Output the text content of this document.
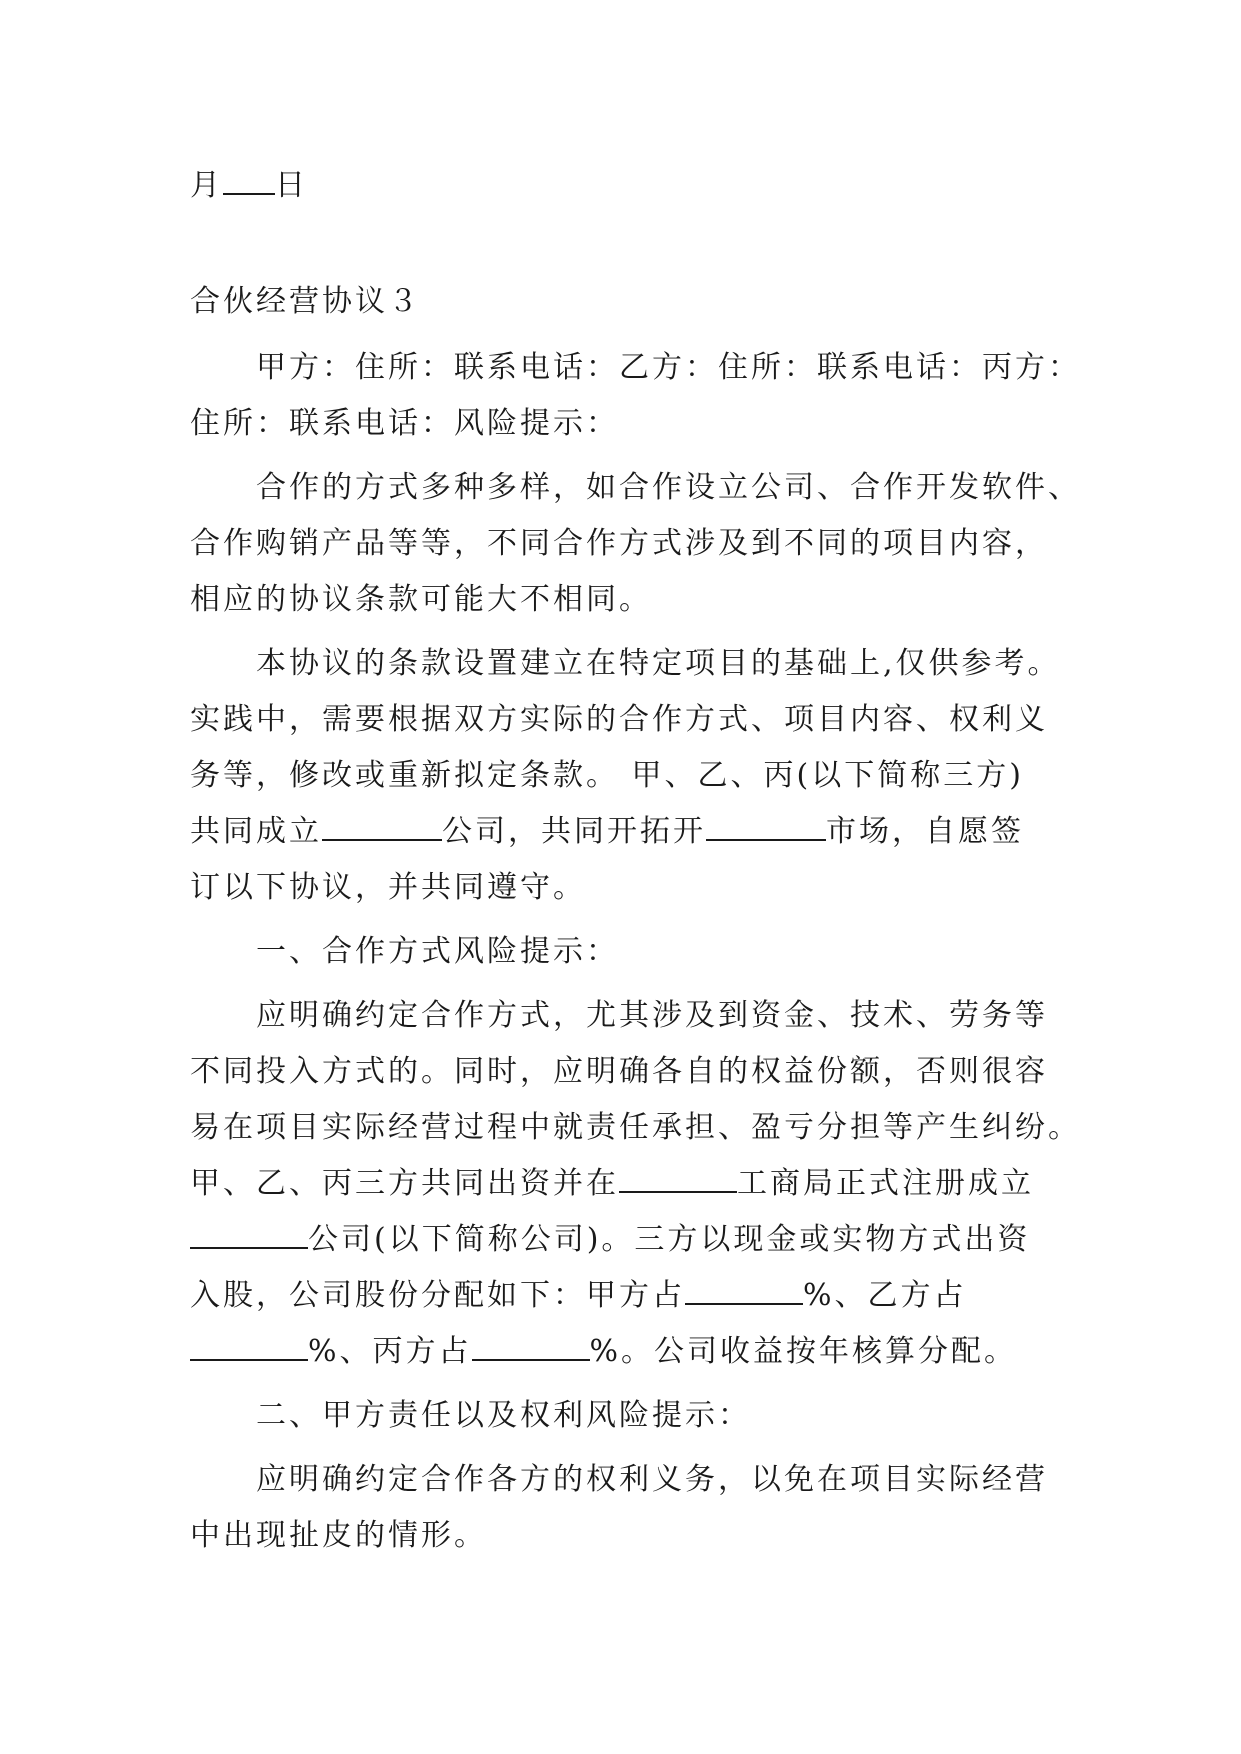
月 日

合伙经营协议３

甲方：住所：联系电话：乙方：住所：联系电话：丙方：

住所：联系电话：风险提示：

合作的方式多种多样，如合作设立公司、合作开发软件、

合作购销产品等等，不同合作方式涉及到不同的项目内容，

相应的协议条款可能大不相同。

本协议的条款设置建立在特定项目的基础上,仅供参考。

实践中，需要根据双方实际的合作方式、项目内容、权利义

务等，修改或重新拟定条款。 甲、乙、丙(以下简称三方)

共同成立	公司，共同开拓开	市场，自愿签

订以下协议，并共同遵守。

一、合作方式风险提示：

应明确约定合作方式，尤其涉及到资金、技术、劳务等

不同投入方式的。同时，应明确各自的权益份额，否则很容

易在项目实际经营过程中就责任承担、盈亏分担等产生纠纷。

甲、乙、丙三方共同出资并在	工商局正式注册成立

公司(以下简称公司)。三方以现金或实物方式出资

入股，公司股份分配如下：甲方占	%、乙方占

%、丙方占	%。公司收益按年核算分配。

二、甲方责任以及权利风险提示：

应明确约定合作各方的权利义务，以免在项目实际经营

中出现扯皮的情形。
